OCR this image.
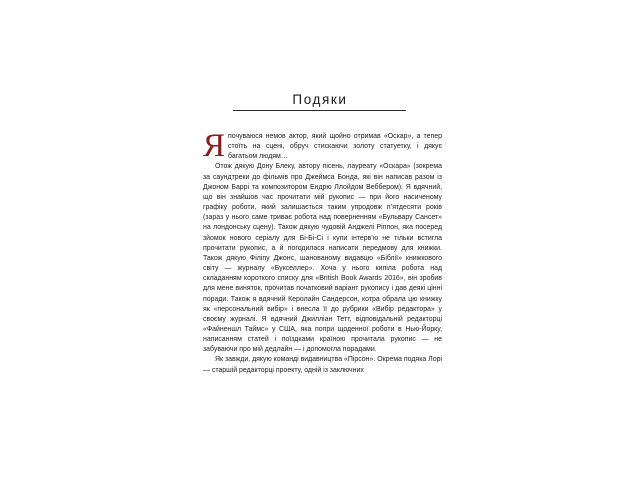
Подяки

Япочуваюся немов актор, який щойно отримав «Оскар», а тепер стоїть на сцені, обруч стискаючи золоту статуетку, і дякує багатьом людям…

Отож дякую Дону Блеку, автору пісень, лауреату «Оскара» (зокрема за саундтреки до фільмів про Джеймса Бонда, які він написав разом із Джоном Баррі та композитором Ендрю Ллойдом Веббером). Я вдячний, що він знайшов час прочитати мій рукопис — при його насиченому графіку роботи, який залишається таким упродовж п’ятдесяти років (зараз у нього саме триває робота над поверненням «Бульвару Сансет» на лондонську сцену). Також дякую чудовій Анджелі Ріппон, яка посеред зйомок нового серіалу для Бі-Бі-Сі і купи інтерв’ю не тільки встигла прочитати рукопис, а й погодилася написати передмову для книжки. Також дякую Філіпу Джонс, шанованому видавцю «Біблії» книжкового світу — журналу «Букселлер». Хоча у нього кипіла робота над складанням короткого списку для «British Book Awards 2016», він зробив для мене виняток, прочитав початковий варіант рукопису і дав деякі цінні поради. Також я вдячний Керолайн Сандерсон, котра обрала цю книжку як «персональний вибір» і внесла її до рубрики «Вибір редактора» у своєму журналі. Я вдячний Джилліан Тетт, відповідальній редакторці «Файненшл Таймс» у США, яка попри щоденної роботи в Нью-Йорку, написанням статей і поїздками країною прочитала рукопис — не забуваючи про мій дедлайн — і допомогла порадами.

Як завжди, дякую команді видавництва «Пірсон». Окрема подяка Лорі — старшій редакторці проекту, одній із заключних
